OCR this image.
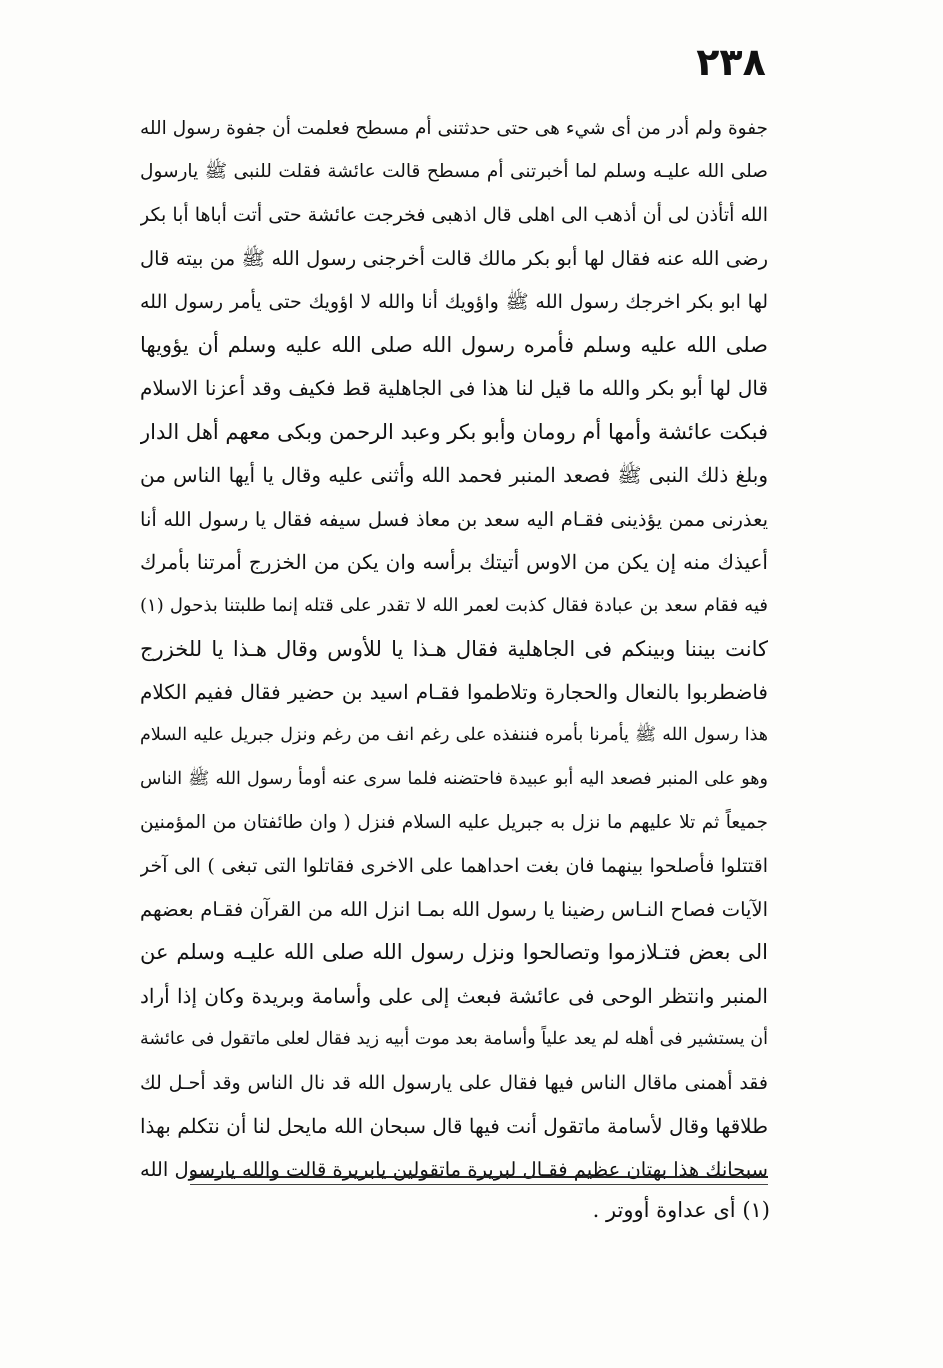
٢٣٨
جفوة ولم أدر من أى شيء هى حتى حدثتنى أم مسطح فعلمت أن جفوة رسول الله
صلى الله عليـه وسلم لما أخبرتنى أم مسطح قالت عائشة فقلت للنبى ﷺ يارسول
الله أتأذن لى أن أذهب الى اهلى قال اذهبى فخرجت عائشة حتى أتت أباها أبا بكر
رضى الله عنه فقال لها أبو بكر مالك قالت أخرجنى رسول الله ﷺ من بيته قال
لها ابو بكر اخرجك رسول الله ﷺ واؤويك أنا والله لا اؤويك حتى يأمر رسول الله
صلى الله عليه وسلم فأمره رسول الله صلى الله عليه وسلم أن يؤويها
قال لها أبو بكر والله ما قيل لنا هذا فى الجاهلية قط فكيف وقد أعزنا الاسلام
فبكت عائشة وأمها أم رومان وأبو بكر وعبد الرحمن وبكى معهم أهل الدار
وبلغ ذلك النبى ﷺ فصعد المنبر فحمد الله وأثنى عليه وقال يا أيها الناس من
يعذرنى ممن يؤذينى فقـام اليه سعد بن معاذ فسل سيفه فقال يا رسول الله أنا
أعيذك منه إن يكن من الاوس أتيتك برأسه وان يكن من الخزرج أمرتنا بأمرك
فيه فقام سعد بن عبادة فقال كذبت لعمر الله لا تقدر على قتله إنما طلبتنا بذحول (١)
كانت بيننا وبينكم فى الجاهلية فقال هـذا يا للأوس وقال هـذا يا للخزرج
فاضطربوا بالنعال والحجارة وتلاطموا فقـام اسيد بن حضير فقال ففيم الكلام
هذا رسول الله ﷺ يأمرنا بأمره فننفذه على رغم انف من رغم ونزل جبريل عليه السلام
وهو على المنبر فصعد اليه أبو عبيدة فاحتضنه فلما سرى عنه أومأ رسول الله ﷺ الناس
جميعاً ثم تلا عليهم ما نزل به جبريل عليه السلام فنزل ( وان طائفتان من المؤمنين
اقتتلوا فأصلحوا بينهما فان بغت احداهما على الاخرى فقاتلوا التى تبغى ) الى آخر
الآيات فصاح النـاس رضينا يا رسول الله بمـا انزل الله من القرآن فقـام بعضهم
الى بعض فتـلازموا وتصالحوا ونزل رسول الله صلى الله عليـه وسلم عن
المنبر وانتظر الوحى فى عائشة فبعث إلى على وأسامة وبريدة وكان إذا أراد
أن يستشير فى أهله لم يعد علياً وأسامة بعد موت أبيه زيد فقال لعلى ماتقول فى عائشة
فقد أهمنى ماقال الناس فيها فقال على يارسول الله قد نال الناس وقد أحـل لك
طلاقها وقال لأسامة ماتقول أنت فيها قال سبحان الله مايحل لنا أن نتكلم بهذا
سبحانك هذا بهتان عظيم فقـال لبريرة ماتقولين يابريرة قالت والله يارسول الله
(١) أى عداوة أووتر .
